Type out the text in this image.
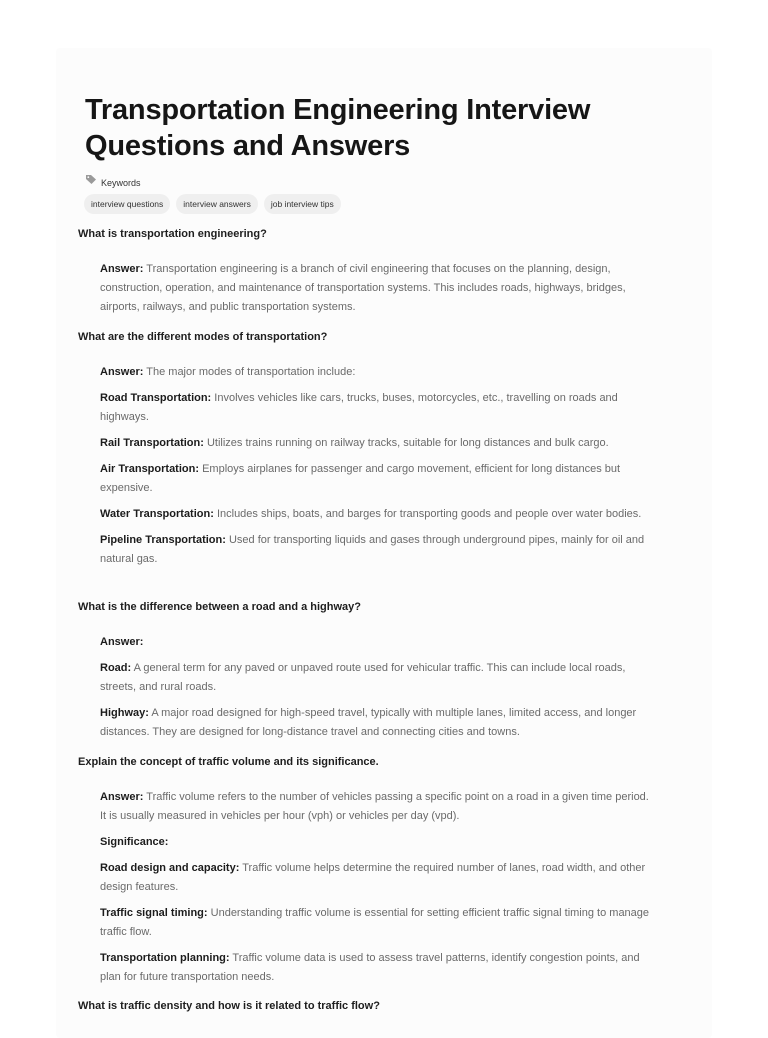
Transportation Engineering Interview Questions and Answers
Keywords
interview questions	interview answers	job interview tips
What is transportation engineering?

Answer: Transportation engineering is a branch of civil engineering that focuses on the planning, design, construction, operation, and maintenance of transportation systems. This includes roads, highways, bridges, airports, railways, and public transportation systems.

What are the different modes of transportation?

Answer: The major modes of transportation include:

Road Transportation: Involves vehicles like cars, trucks, buses, motorcycles, etc., travelling on roads and highways.

Rail Transportation: Utilizes trains running on railway tracks, suitable for long distances and bulk cargo.

Air Transportation: Employs airplanes for passenger and cargo movement, efficient for long distances but expensive.

Water Transportation: Includes ships, boats, and barges for transporting goods and people over water bodies.

Pipeline Transportation: Used for transporting liquids and gases through underground pipes, mainly for oil and natural gas.

What is the difference between a road and a highway?

Answer:

Road: A general term for any paved or unpaved route used for vehicular traffic. This can include local roads, streets, and rural roads.

Highway: A major road designed for high-speed travel, typically with multiple lanes, limited access, and longer distances. They are designed for long-distance travel and connecting cities and towns.

Explain the concept of traffic volume and its significance.

Answer: Traffic volume refers to the number of vehicles passing a specific point on a road in a given time period. It is usually measured in vehicles per hour (vph) or vehicles per day (vpd).

Significance:

Road design and capacity: Traffic volume helps determine the required number of lanes, road width, and other design features.

Traffic signal timing: Understanding traffic volume is essential for setting efficient traffic signal timing to manage traffic flow.

Transportation planning: Traffic volume data is used to assess travel patterns, identify congestion points, and plan for future transportation needs.

What is traffic density and how is it related to traffic flow?
